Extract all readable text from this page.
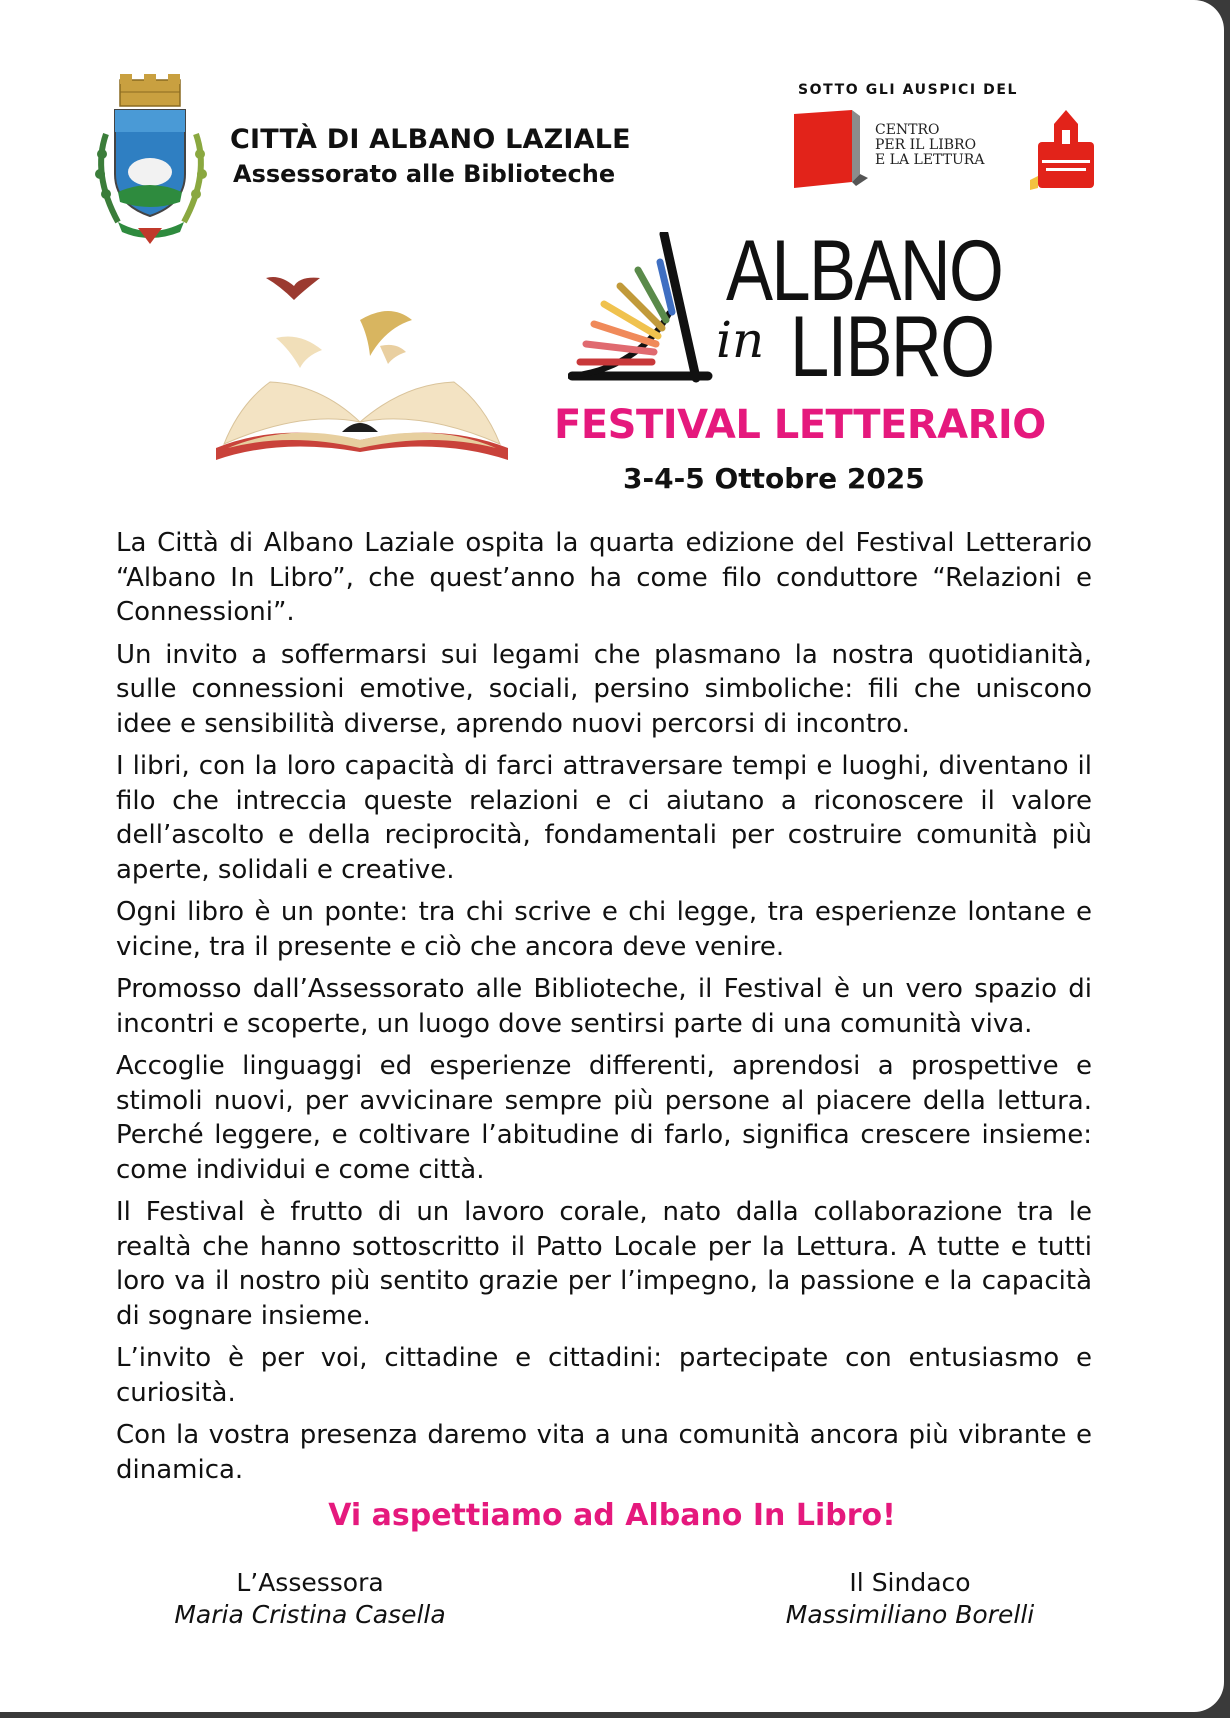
CITTÀ DI ALBANO LAZIALE
Assessorato alle Biblioteche
SOTTO GLI AUSPICI DEL
CENTRO
PER IL LIBRO
E LA LETTURA
ALBANO
in LIBRO
FESTIVAL LETTERARIO
3-4-5 Ottobre 2025

La Città di Albano Laziale ospita la quarta edizione del Festival Letterario “Albano In Libro”, che quest’anno ha come filo conduttore “Relazioni e Connessioni”.

Un invito a soffermarsi sui legami che plasmano la nostra quotidianità, sulle connessioni emotive, sociali, persino simboliche: fili che uniscono idee e sensibilità diverse, aprendo nuovi percorsi di incontro.

I libri, con la loro capacità di farci attraversare tempi e luoghi, diventano il filo che intreccia queste relazioni e ci aiutano a riconoscere il valore dell’ascolto e della reciprocità, fondamentali per costruire comunità più aperte, solidali e creative.

Ogni libro è un ponte: tra chi scrive e chi legge, tra esperienze lontane e vicine, tra il presente e ciò che ancora deve venire.

Promosso dall’Assessorato alle Biblioteche, il Festival è un vero spazio di incontri e scoperte, un luogo dove sentirsi parte di una comunità viva.

Accoglie linguaggi ed esperienze differenti, aprendosi a prospettive e stimoli nuovi, per avvicinare sempre più persone al piacere della lettura. Perché leggere, e coltivare l’abitudine di farlo, significa crescere insieme: come individui e come città.

Il Festival è frutto di un lavoro corale, nato dalla collaborazione tra le realtà che hanno sottoscritto il Patto Locale per la Lettura. A tutte e tutti loro va il nostro più sentito grazie per l’impegno, la passione e la capacità di sognare insieme.

L’invito è per voi, cittadine e cittadini: partecipate con entusiasmo e curiosità.

Con la vostra presenza daremo vita a una comunità ancora più vibrante e dinamica.

Vi aspettiamo ad Albano In Libro!
L’Assessora
Maria Cristina Casella
Il Sindaco
Massimiliano Borelli
